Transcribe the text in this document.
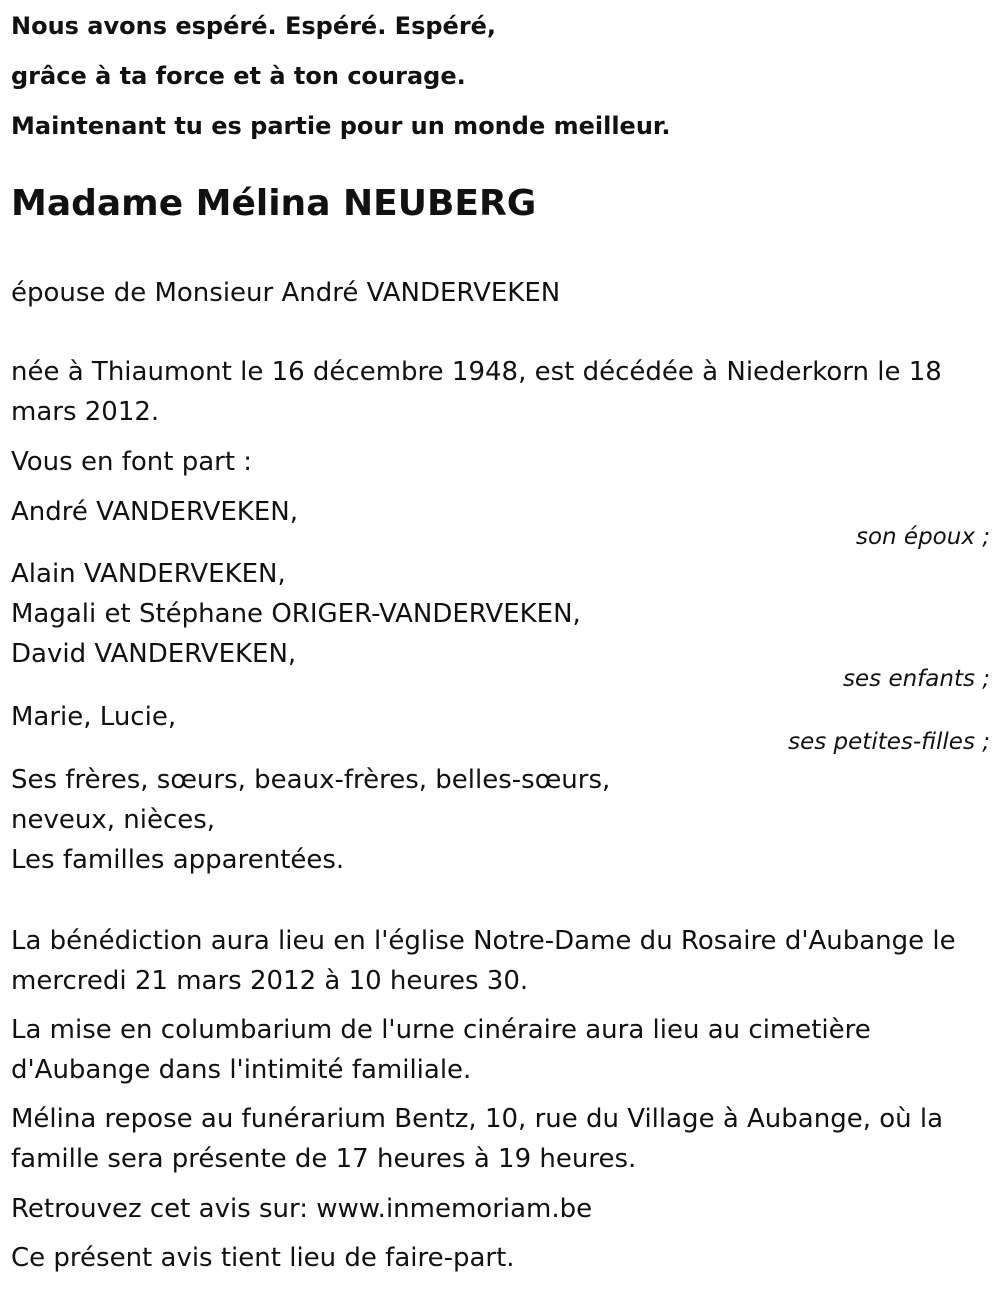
Nous avons espéré. Espéré. Espéré,
grâce à ta force et à ton courage.
Maintenant tu es partie pour un monde meilleur.
Madame Mélina NEUBERG
épouse de Monsieur André VANDERVEKEN
née à Thiaumont le 16 décembre 1948, est décédée à Niederkorn le 18 mars 2012.
Vous en font part :
André VANDERVEKEN,
son époux ;
Alain VANDERVEKEN,
Magali et Stéphane ORIGER-VANDERVEKEN,
David VANDERVEKEN,
ses enfants ;
Marie, Lucie,
ses petites-filles ;
Ses frères, sœurs, beaux-frères, belles-sœurs,
neveux, nièces,
Les familles apparentées.
La bénédiction aura lieu en l'église Notre-Dame du Rosaire d'Aubange le mercredi 21 mars 2012 à 10 heures 30.
La mise en columbarium de l'urne cinéraire aura lieu au cimetière d'Aubange dans l'intimité familiale.
Mélina repose au funérarium Bentz, 10, rue du Village à Aubange, où la famille sera présente de 17 heures à 19 heures.
Retrouvez cet avis sur: www.inmemoriam.be
Ce présent avis tient lieu de faire-part.
